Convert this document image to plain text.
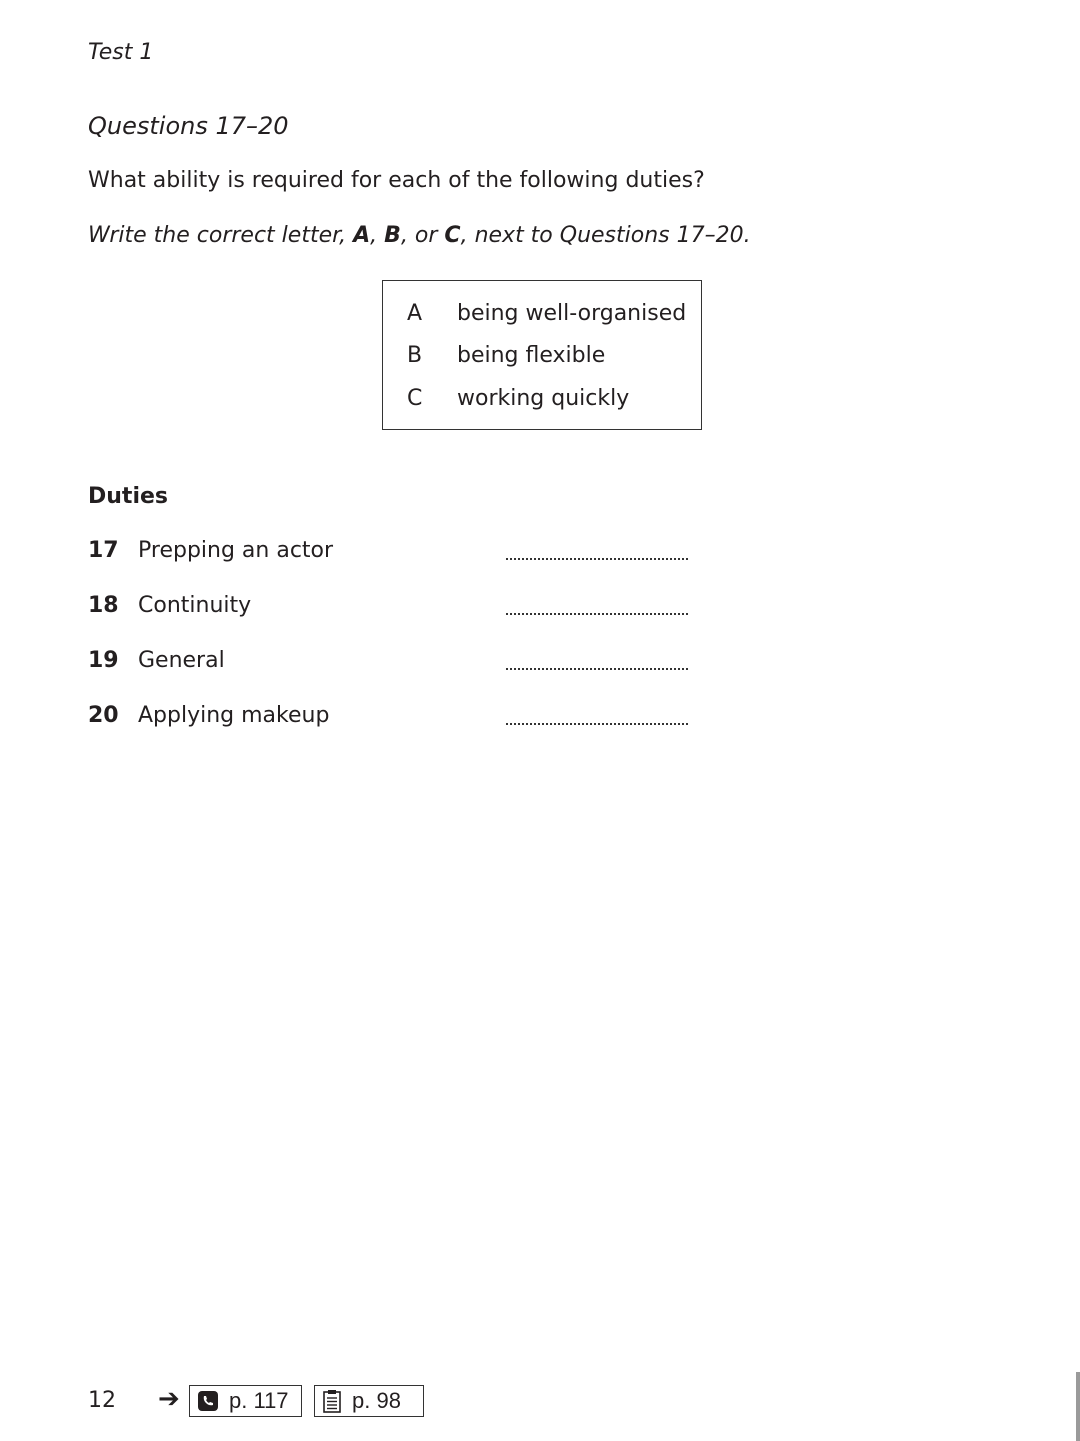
Test 1
Questions 17–20
What ability is required for each of the following duties?
Write the correct letter, A, B, or C, next to Questions 17–20.
A being well-organised
B being flexible
C working quickly
Duties
17 Prepping an actor
18 Continuity
19 General
20 Applying makeup
12 ➔ p. 117	p. 98
